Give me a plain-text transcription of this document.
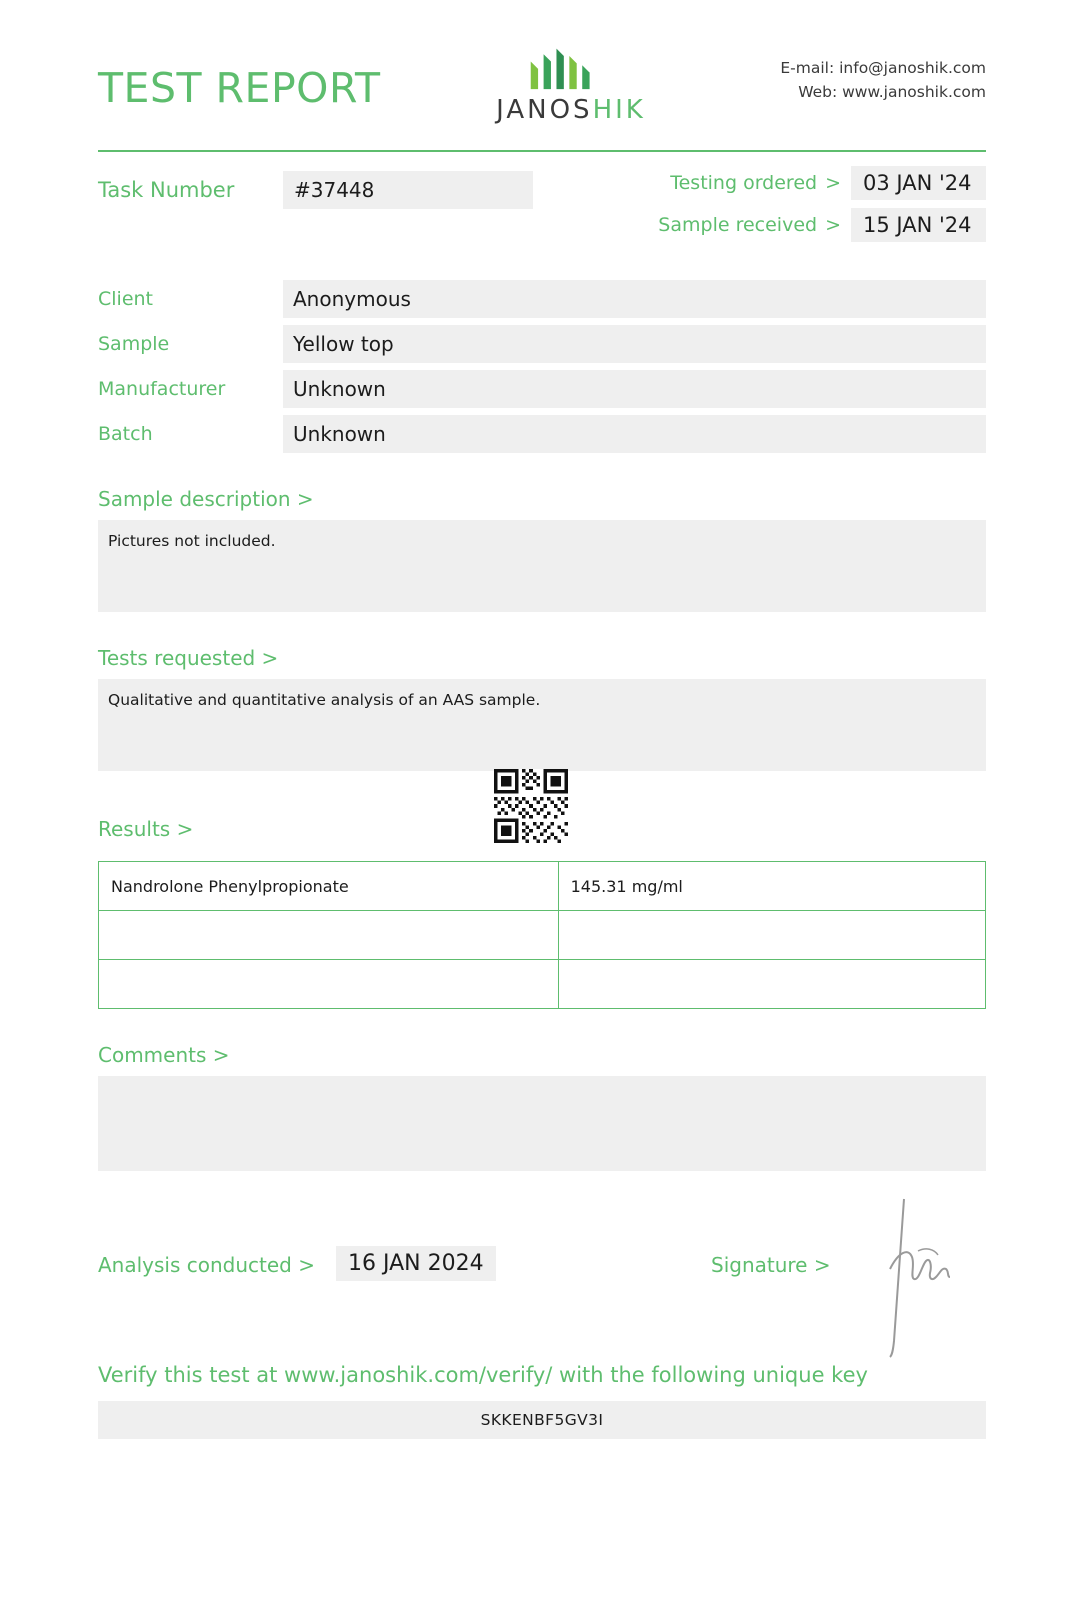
TEST REPORT	JANOSHIK
E-mail: info@janoshik.com
Web: www.janoshik.com
Task Number	#37448	Testing ordered >	03 JAN '24
Sample received >	15 JAN '24
Client	Anonymous
Sample	Yellow top
Manufacturer	Unknown
Batch	Unknown
Sample description >
Pictures not included.
Tests requested >
Qualitative and quantitative analysis of an AAS sample.
Results >
Nandrolone Phenylpropionate	145.31 mg/ml

Comments >
Analysis conducted >	16 JAN 2024	Signature >
Verify this test at www.janoshik.com/verify/ with the following unique key
SKKENBF5GV3I
